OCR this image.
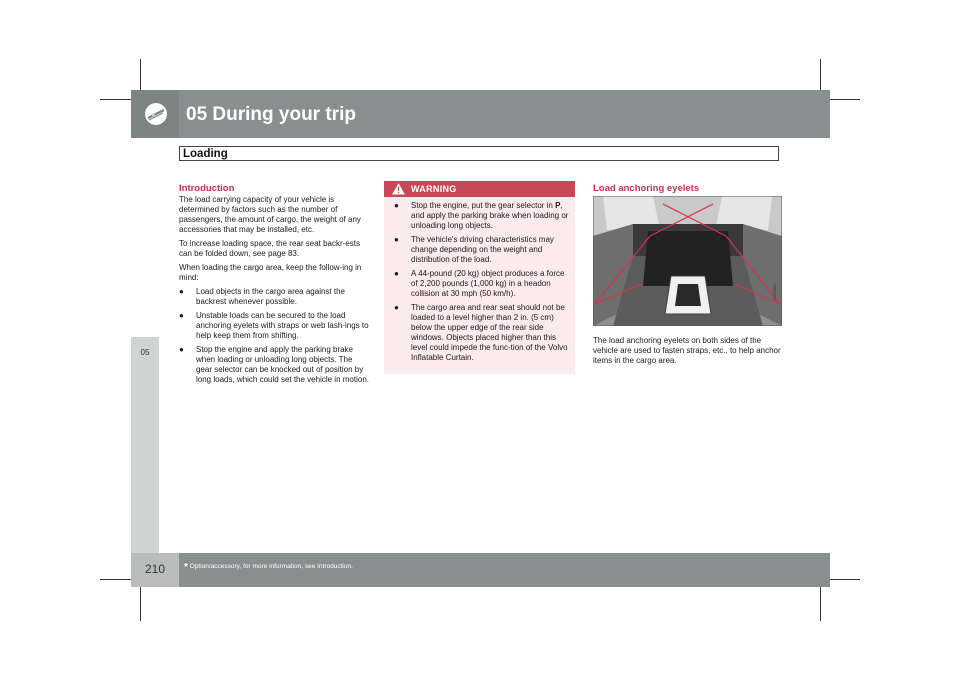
05 During your trip
Loading
05
Introduction

The load carrying capacity of your vehicle is determined by factors such as the number of passengers, the amount of cargo, the weight of any accessories that may be installed, etc.

To increase loading space, the rear seat backr-ests can be folded down, see page 83.

When loading the cargo area, keep the follow-ing in mind:

● Load objects in the cargo area against the backrest whenever possible.
● Unstable loads can be secured to the load anchoring eyelets with straps or web lash-ings to help keep them from shifting.
● Stop the engine and apply the parking brake when loading or unloading long objects. The gear selector can be knocked out of position by long loads, which could set the vehicle in motion.
WARNING
● Stop the engine, put the gear selector in P, and apply the parking brake when loading or unloading long objects.
● The vehicle's driving characteristics may change depending on the weight and distribution of the load.
● A 44-pound (20 kg) object produces a force of 2,200 pounds (1,000 kg) in a headon collision at 30 mph (50 km/h).
● The cargo area and rear seat should not be loaded to a level higher than 2 in. (5 cm) below the upper edge of the rear side windows. Objects placed higher than this level could impede the func-tion of the Volvo Inflatable Curtain.
Load anchoring eyelets
G021890

The load anchoring eyelets on both sides of the vehicle are used to fasten straps, etc., to help anchor items in the cargo area.

210	* Option/accessory, for more information, see Introduction.
